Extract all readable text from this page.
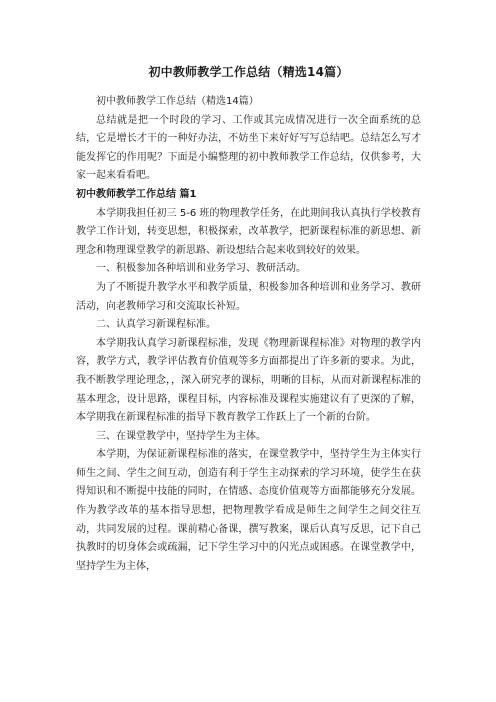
初中教师教学工作总结（精选14篇）

初中教师教学工作总结（精选14篇）

总结就是把一个时段的学习、工作或其完成情况进行一次全面系统的总结，它是增长才干的一种好办法，不妨坐下来好好写写总结吧。总结怎么写才能发挥它的作用呢？下面是小编整理的初中教师教学工作总结，仅供参考，大家一起来看看吧。

初中教师教学工作总结 篇1

本学期我担任初三 5-6 班的物理教学任务，在此期间我认真执行学校教育教学工作计划，转变思想，积极探索，改革教学，把新课程标准的新思想、新理念和物理课堂教学的新思路、新设想结合起来收到较好的效果。

一、积极参加各种培训和业务学习、教研活动。

为了不断提升教学水平和教学质量，积极参加各种培训和业务学习、教研活动，向老教师学习和交流取长补短。

二、认真学习新课程标准。

本学期我认真学习新课程标准，发现《物理新课程标准》对物理的教学内容，教学方式，教学评估教育价值观等多方面都提出了许多新的要求。为此，我不断教学理论理念，，深入研究孝的课标，明晰的目标，从而对新课程标准的基本理念，设计思路，课程目标，内容标准及课程实施建议有了更深的了解，本学期我在新课程标准的指导下教育教学工作跃上了一个新的台阶。

三、在课堂教学中，坚持学生为主体。

本学期，为保证新课程标准的落实，在课堂教学中，坚持学生为主体实行师生之间、学生之间互动，创造有利于学生主动探索的学习环境，使学生在获得知识和不断提中技能的同时，在情感、态度价值观等方面都能够充分发展。作为教学改革的基本指导思想，把物理教学看成是师生之间学生之间交往互动，共同发展的过程。课前精心备课，撰写教案，课后认真写反思，记下自己执教时的切身体会或疏漏，记下学生学习中的闪光点或困惑。在课堂教学中，坚持学生为主体，
